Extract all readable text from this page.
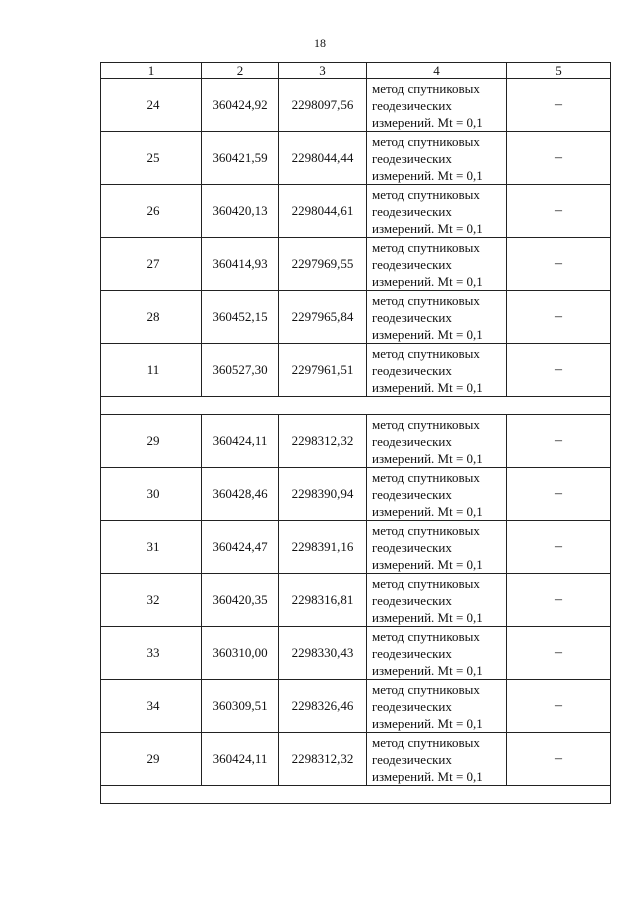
18
1	2	3	4	5
24	360424,92	2298097,56	метод спутниковых
геодезических
измерений. Mt = 0,1	–
25	360421,59	2298044,44	метод спутниковых
геодезических
измерений. Mt = 0,1	–
26	360420,13	2298044,61	метод спутниковых
геодезических
измерений. Mt = 0,1	–
27	360414,93	2297969,55	метод спутниковых
геодезических
измерений. Mt = 0,1	–
28	360452,15	2297965,84	метод спутниковых
геодезических
измерений. Mt = 0,1	–
11	360527,30	2297961,51	метод спутниковых
геодезических
измерений. Mt = 0,1	–

29	360424,11	2298312,32	метод спутниковых
геодезических
измерений. Mt = 0,1	–
30	360428,46	2298390,94	метод спутниковых
геодезических
измерений. Mt = 0,1	–
31	360424,47	2298391,16	метод спутниковых
геодезических
измерений. Mt = 0,1	–
32	360420,35	2298316,81	метод спутниковых
геодезических
измерений. Mt = 0,1	–
33	360310,00	2298330,43	метод спутниковых
геодезических
измерений. Mt = 0,1	–
34	360309,51	2298326,46	метод спутниковых
геодезических
измерений. Mt = 0,1	–
29	360424,11	2298312,32	метод спутниковых
геодезических
измерений. Mt = 0,1	–
